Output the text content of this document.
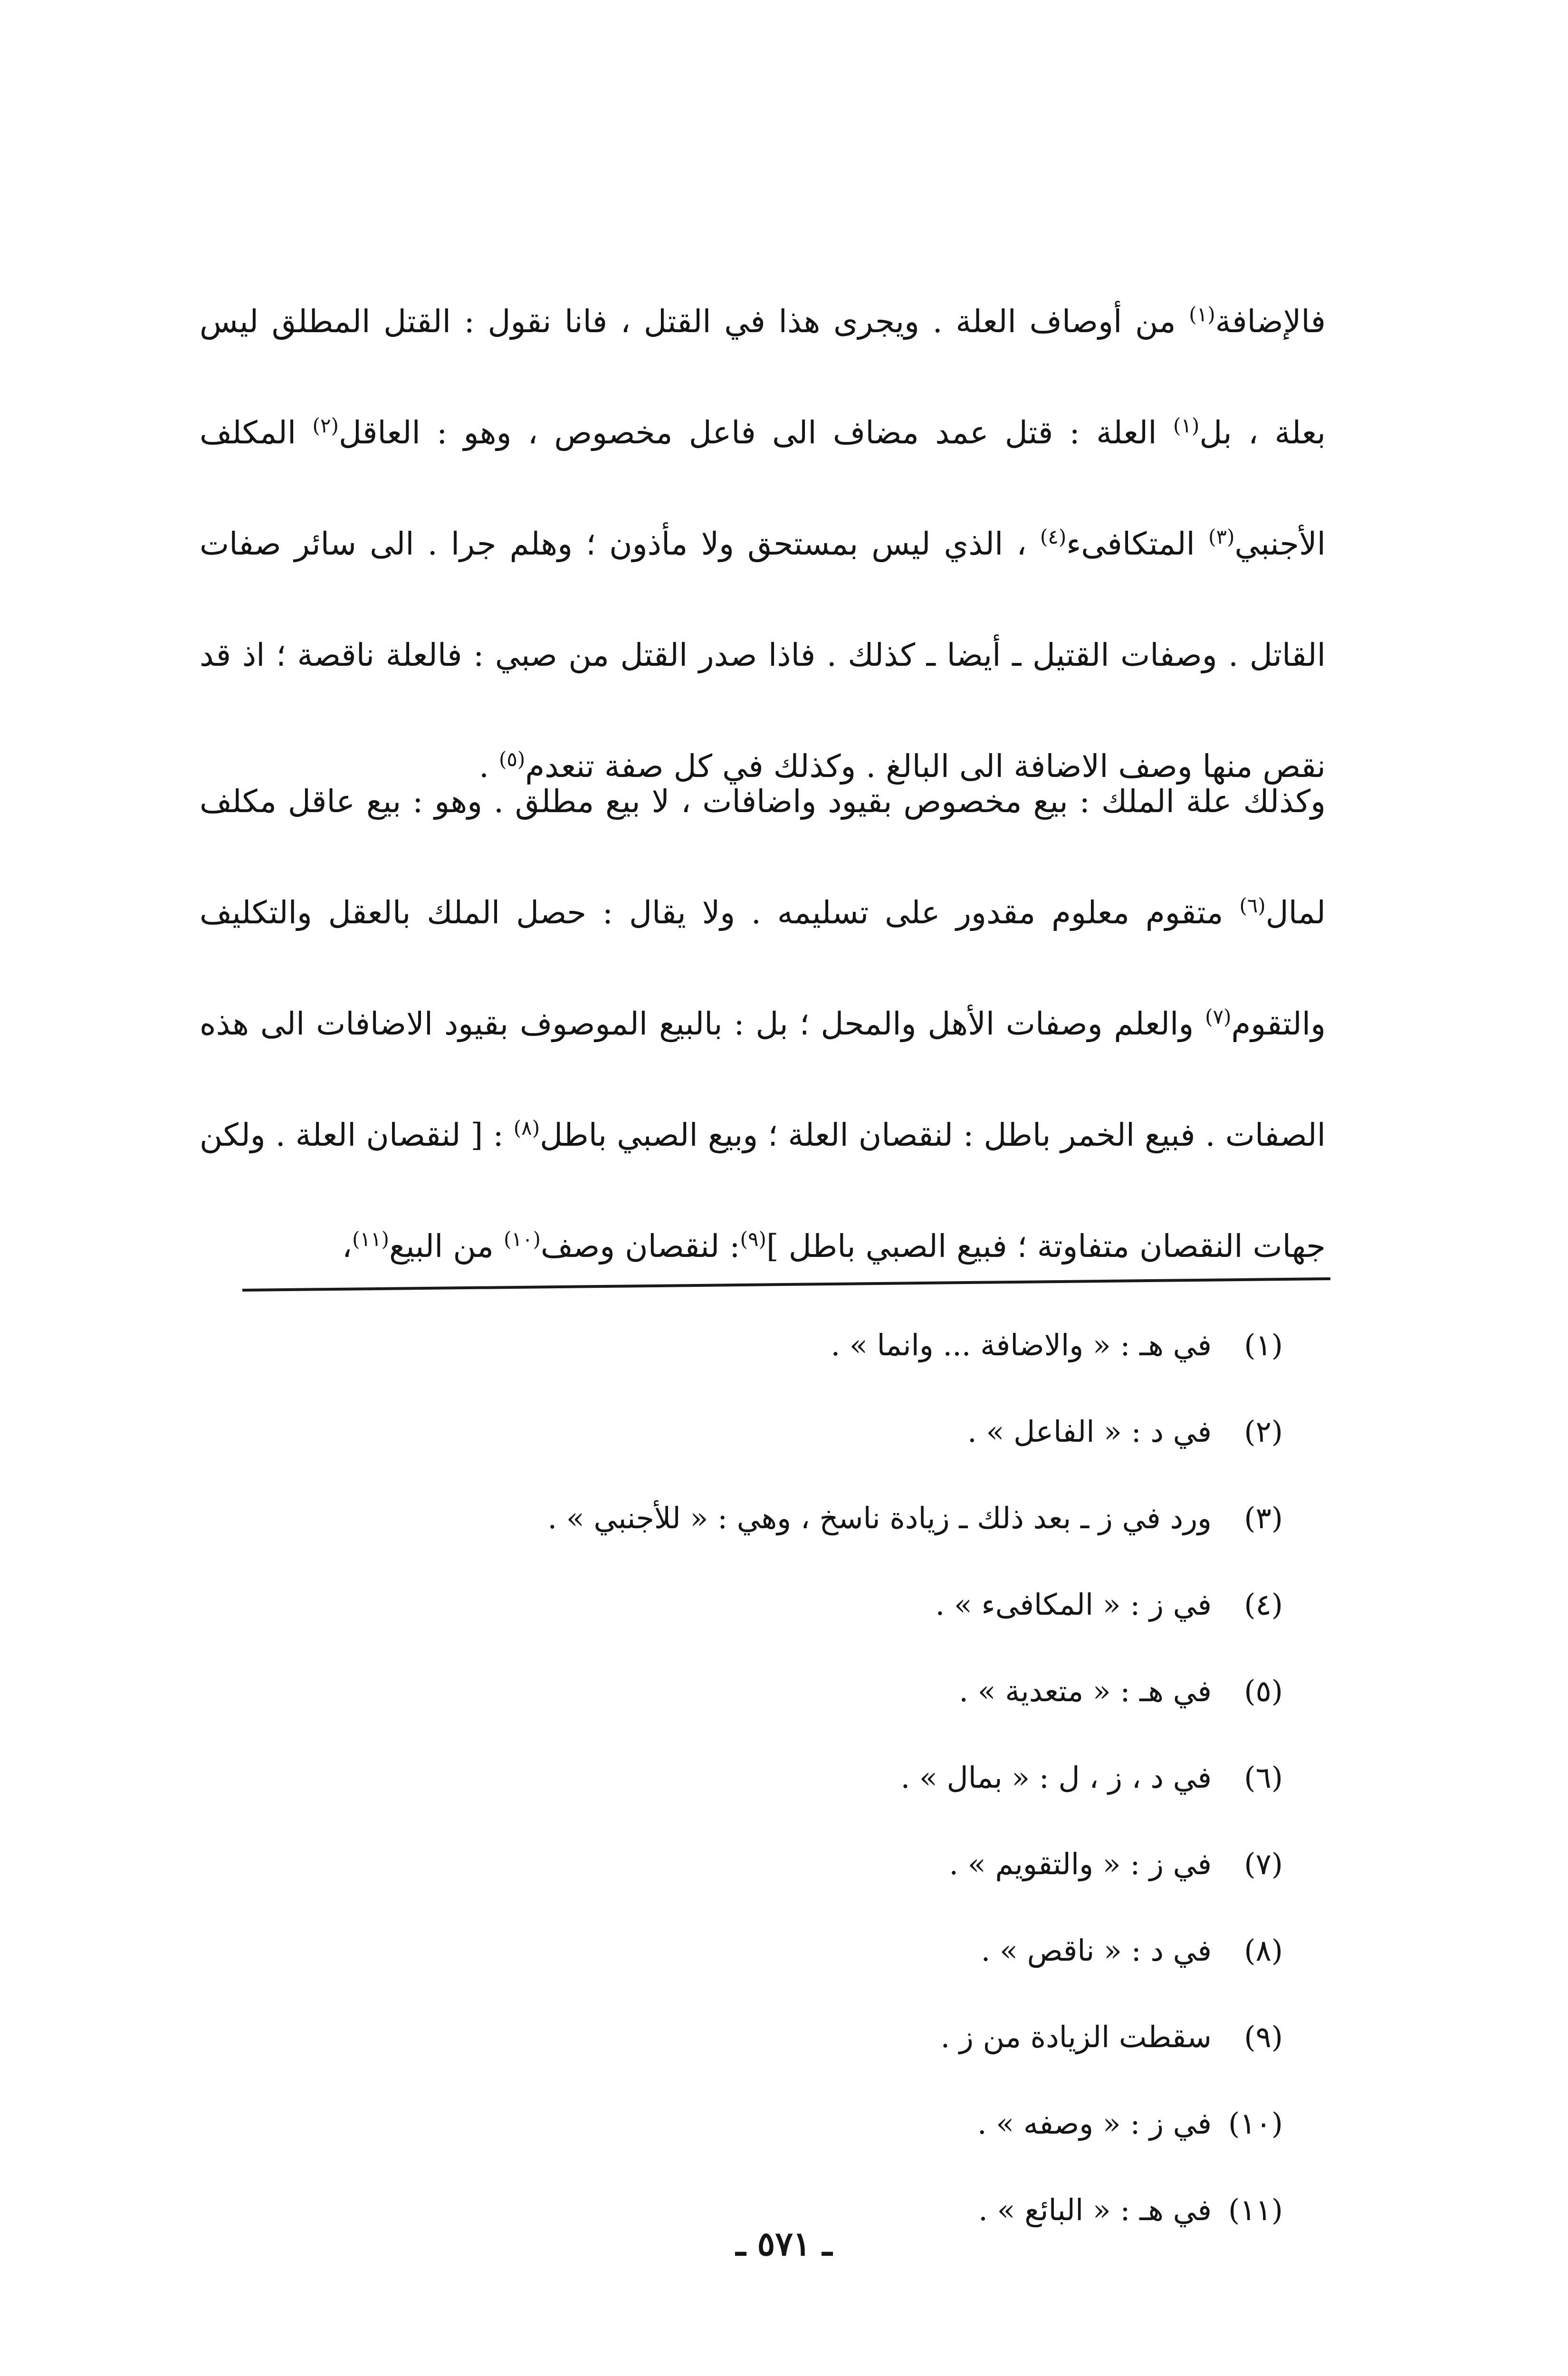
فالإضافة$^{(١)}$ من أوصاف العلة . ويجرى هذا في القتل ، فانا نقول : القتل المطلق ليس بعلة ، بل$^{(١)}$ العلة : قتل عمد مضاف الى فاعل مخصوص ، وهو : العاقل$^{(٢)}$ المكلف الأجنبي$^{(٣)}$ المتكافىء$^{(٤)}$ ، الذي ليس بمستحق ولا مأذون ؛ وهلم جرا . الى سائر صفات القاتل . وصفات القتيل ـ أيضا ـ كذلك . فاذا صدر القتل من صبي : فالعلة ناقصة ؛ اذ قد نقص منها وصف الاضافة الى البالغ . وكذلك في كل صفة تنعدم$^{(٥)}$ .

وكذلك علة الملك : بيع مخصوص بقيود واضافات ، لا بيع مطلق . وهو : بيع عاقل مكلف لمال$^{(٦)}$ متقوم معلوم مقدور على تسليمه . ولا يقال : حصل الملك بالعقل والتكليف والتقوم$^{(٧)}$ والعلم وصفات الأهل والمحل ؛ بل : بالبيع الموصوف بقيود الاضافات الى هذه الصفات . فبيع الخمر باطل : لنقصان العلة ؛ وبيع الصبي باطل$^{(٨)}$ : [ لنقصان العلة . ولكن جهات النقصان متفاوتة ؛ فبيع الصبي باطل ]$^{(٩)}$: لنقصان وصف$^{(١٠)}$ من البيع$^{(١١)}$،

(١)في هـ : « والاضافة ... وانما » .
(٢)في د : « الفاعل » .
(٣)ورد في ز ـ بعد ذلك ـ زيادة ناسخ ، وهي : « للأجنبي » .
(٤)في ز : « المكافىء » .
(٥)في هـ : « متعدية » .
(٦)في د ، ز ، ل : « بمال » .
(٧)في ز : « والتقويم » .
(٨)في د : « ناقص » .
(٩)سقطت الزيادة من ز .
(١٠)في ز : « وصفه » .
(١١)في هـ : « البائع » .
ـ ٥٧١ ـ
